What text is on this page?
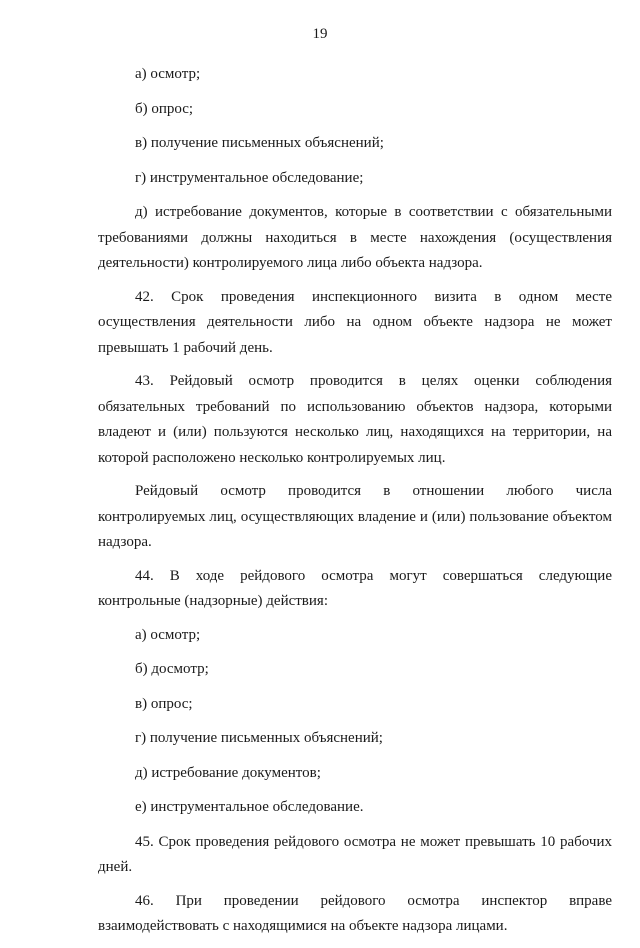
19

а) осмотр;

б) опрос;

в) получение письменных объяснений;

г) инструментальное обследование;

д) истребование документов, которые в соответствии с обязательными требованиями должны находиться в месте нахождения (осуществления деятельности) контролируемого лица либо объекта надзора.

42. Срок проведения инспекционного визита в одном месте осуществления деятельности либо на одном объекте надзора не может превышать 1 рабочий день.

43. Рейдовый осмотр проводится в целях оценки соблюдения обязательных требований по использованию объектов надзора, которыми владеют и (или) пользуются несколько лиц, находящихся на территории, на которой расположено несколько контролируемых лиц.

Рейдовый осмотр проводится в отношении любого числа контролируемых лиц, осуществляющих владение и (или) пользование объектом надзора.

44. В ходе рейдового осмотра могут совершаться следующие контрольные (надзорные) действия:

а) осмотр;

б) досмотр;

в) опрос;

г) получение письменных объяснений;

д) истребование документов;

е) инструментальное обследование.

45. Срок проведения рейдового осмотра не может превышать 10 рабочих дней.

46. При проведении рейдового осмотра инспектор вправе взаимодействовать с находящимися на объекте надзора лицами.
